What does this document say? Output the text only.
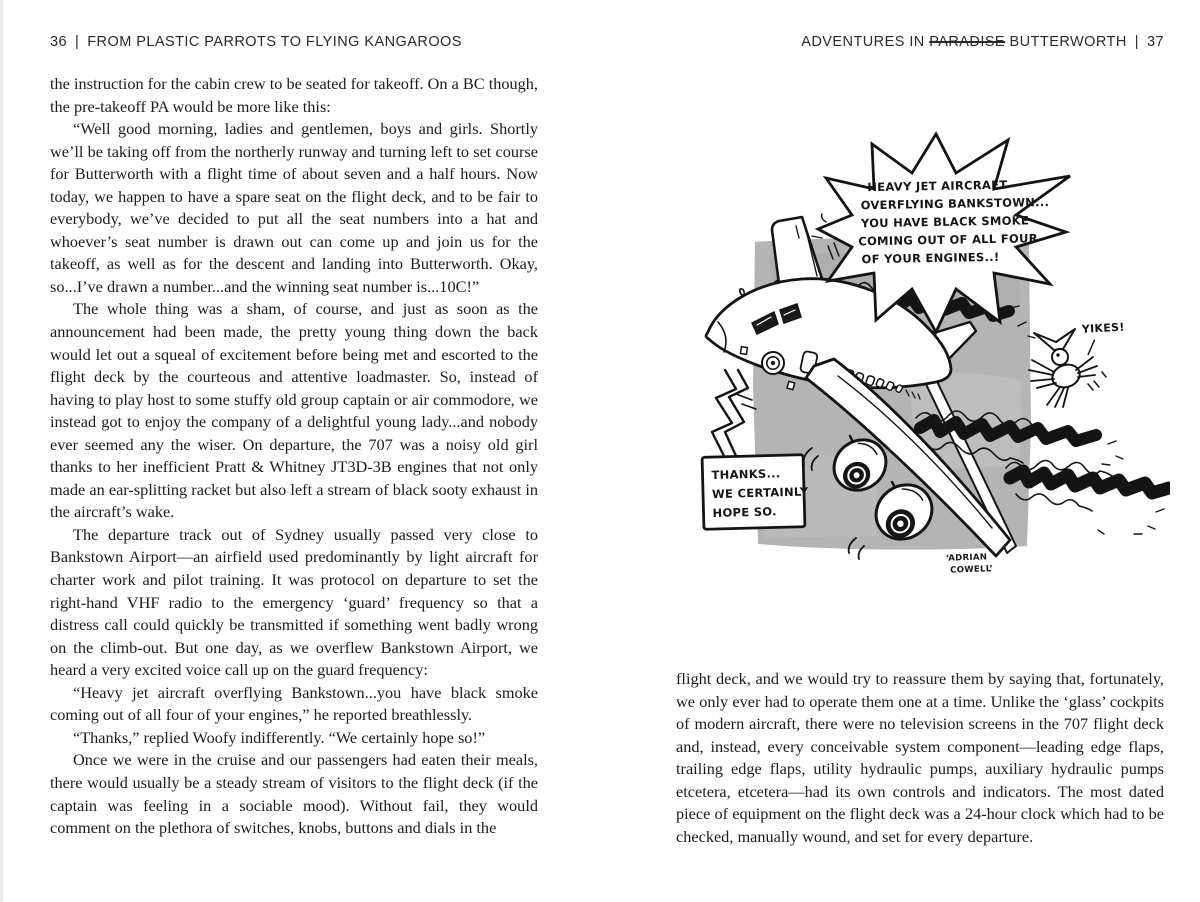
36 | FROM PLASTIC PARROTS TO FLYING KANGAROOS

the instruction for the cabin crew to be seated for takeoff. On a BC though, the pre-takeoff PA would be more like this:

“Well good morning, ladies and gentlemen, boys and girls. Shortly we’ll be taking off from the northerly runway and turning left to set course for Butterworth with a flight time of about seven and a half hours. Now today, we happen to have a spare seat on the flight deck, and to be fair to everybody, we’ve decided to put all the seat numbers into a hat and whoever’s seat number is drawn out can come up and join us for the takeoff, as well as for the descent and landing into Butterworth. Okay, so...I’ve drawn a number...and the winning seat number is...10C!”

The whole thing was a sham, of course, and just as soon as the announcement had been made, the pretty young thing down the back would let out a squeal of excitement before being met and escorted to the flight deck by the courteous and attentive loadmaster. So, instead of having to play host to some stuffy old group captain or air commodore, we instead got to enjoy the company of a delightful young lady...and nobody ever seemed any the wiser. On departure, the 707 was a noisy old girl thanks to her inefficient Pratt & Whitney JT3D-3B engines that not only made an ear-splitting racket but also left a stream of black sooty exhaust in the aircraft’s wake.

The departure track out of Sydney usually passed very close to Bankstown Airport—an airfield used predominantly by light aircraft for charter work and pilot training. It was protocol on departure to set the right-hand VHF radio to the emergency ‘guard’ frequency so that a distress call could quickly be transmitted if something went badly wrong on the climb-out. But one day, as we overflew Bankstown Airport, we heard a very excited voice call up on the guard frequency:

“Heavy jet aircraft overflying Bankstown...you have black smoke coming out of all four of your engines,” he reported breathlessly.

“Thanks,” replied Woofy indifferently. “We certainly hope so!”

Once we were in the cruise and our passengers had eaten their meals, there would usually be a steady stream of visitors to the flight deck (if the captain was feeling in a sociable mood). Without fail, they would comment on the plethora of switches, knobs, buttons and dials in the

ADVENTURES IN PARADISE BUTTERWORTH | 37
HEAVY JET AIRCRAFT
OVERFLYING BANKSTOWN...
YOU HAVE BLACK SMOKE
COMING OUT OF ALL FOUR
OF YOUR ENGINES..!
THANKS...
WE CERTAINLY
HOPE SO.
YIKES!
‘ADRIAN
COWELL’

flight deck, and we would try to reassure them by saying that, fortunately, we only ever had to operate them one at a time. Unlike the ‘glass’ cockpits of modern aircraft, there were no television screens in the 707 flight deck and, instead, every conceivable system component—leading edge flaps, trailing edge flaps, utility hydraulic pumps, auxiliary hydraulic pumps etcetera, etcetera—had its own controls and indicators. The most dated piece of equipment on the flight deck was a 24-hour clock which had to be checked, manually wound, and set for every departure.
